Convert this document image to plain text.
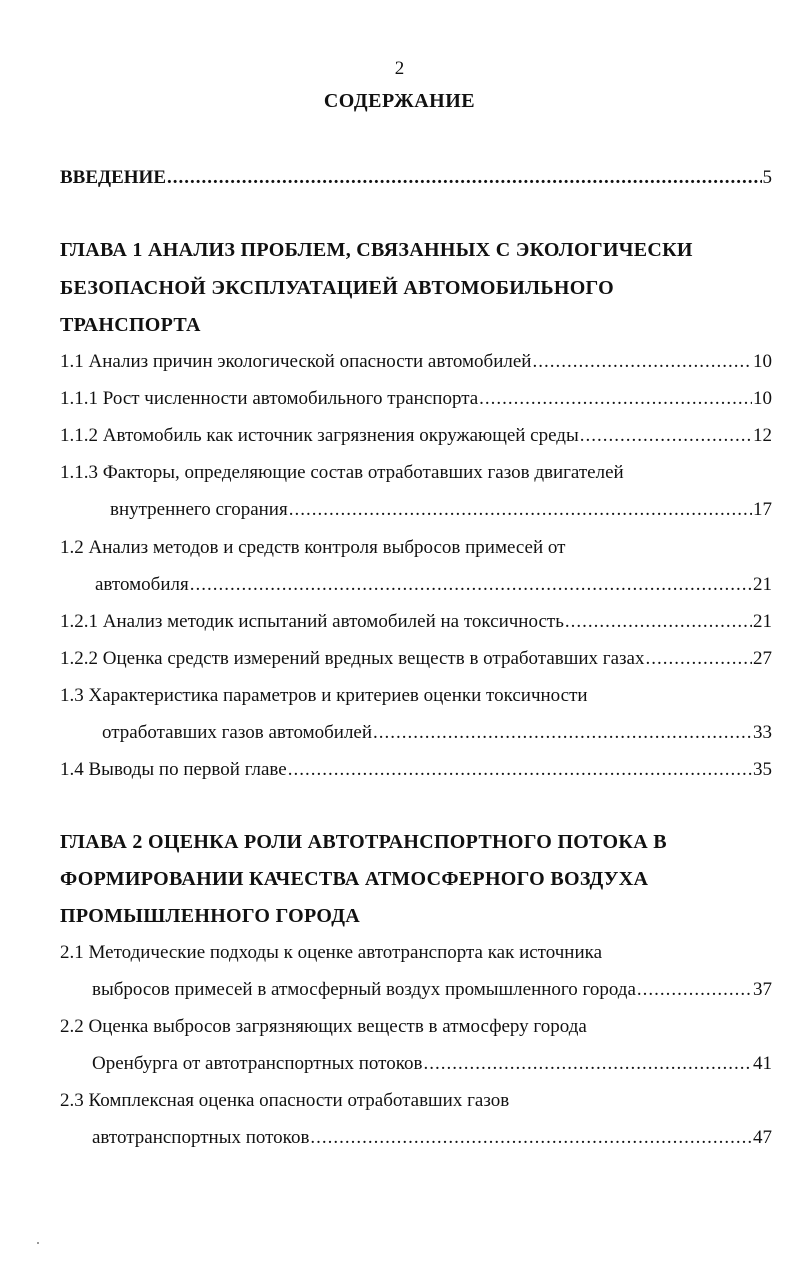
2
СОДЕРЖАНИЕ
ВВЕДЕНИЕ .....	5
ГЛАВА 1 АНАЛИЗ ПРОБЛЕМ, СВЯЗАННЫХ С ЭКОЛОГИЧЕСКИ
БЕЗОПАСНОЙ ЭКСПЛУАТАЦИЕЙ АВТОМОБИЛЬНОГО
ТРАНСПОРТА
1.1 Анализ причин экологической опасности автомобилей .....	10
1.1.1 Рост численности автомобильного транспорта .....	10
1.1.2 Автомобиль как источник загрязнения окружающей среды .....	12
1.1.3 Факторы, определяющие состав отработавших газов двигателей
внутреннего сгорания .....	17
1.2 Анализ методов и средств контроля выбросов примесей от
автомобиля .....	21
1.2.1 Анализ методик испытаний автомобилей на токсичность .....	21
1.2.2 Оценка средств измерений вредных веществ в отработавших газах .....	27
1.3 Характеристика параметров и критериев оценки токсичности
отработавших газов автомобилей .....	33
1.4 Выводы по первой главе .....	35
ГЛАВА 2 ОЦЕНКА РОЛИ АВТОТРАНСПОРТНОГО ПОТОКА В
ФОРМИРОВАНИИ КАЧЕСТВА АТМОСФЕРНОГО ВОЗДУХА
ПРОМЫШЛЕННОГО ГОРОДА
2.1 Методические подходы к оценке автотранспорта как источника
выбросов примесей в атмосферный воздух промышленного города .....	37
2.2 Оценка выбросов загрязняющих веществ в атмосферу города
Оренбурга от автотранспортных потоков .....	41
2.3 Комплексная оценка опасности отработавших газов
автотранспортных потоков .....	47
